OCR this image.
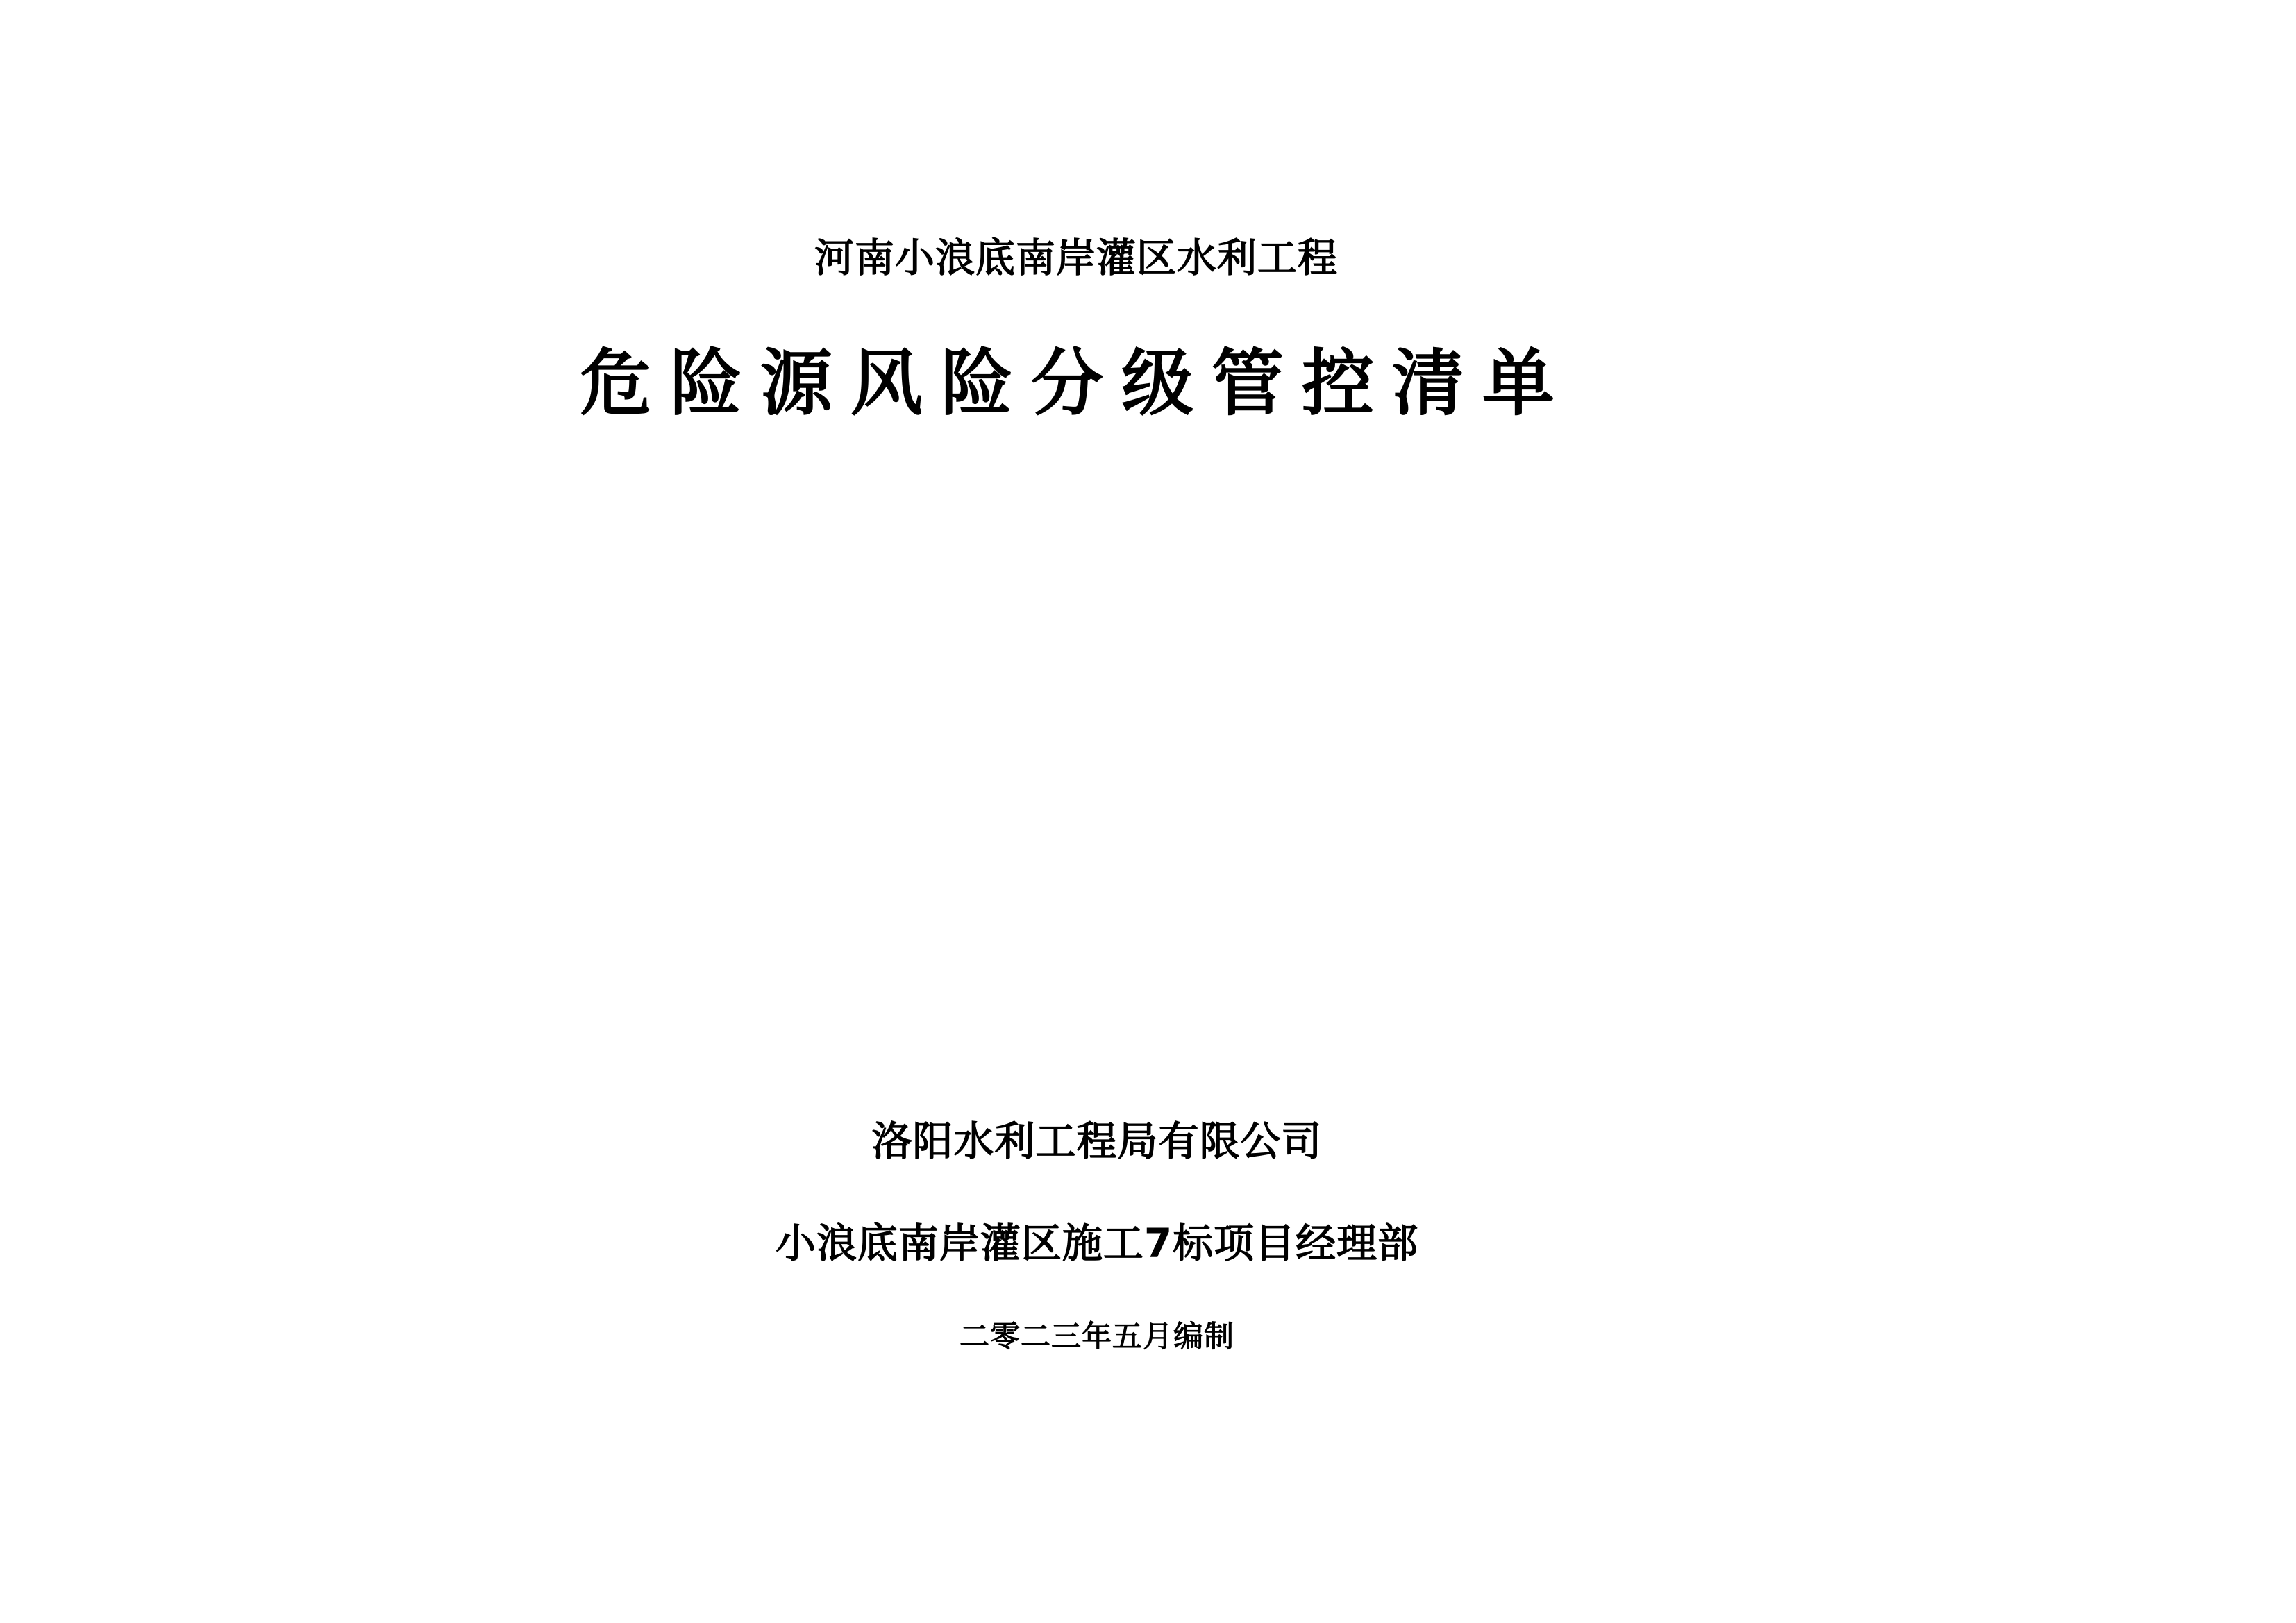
河南小浪底南岸灌区水利工程
危险源风险分级管控清单
洛阳水利工程局有限公司
小浪底南岸灌区施工7标项目经理部
二零二三年五月编制
